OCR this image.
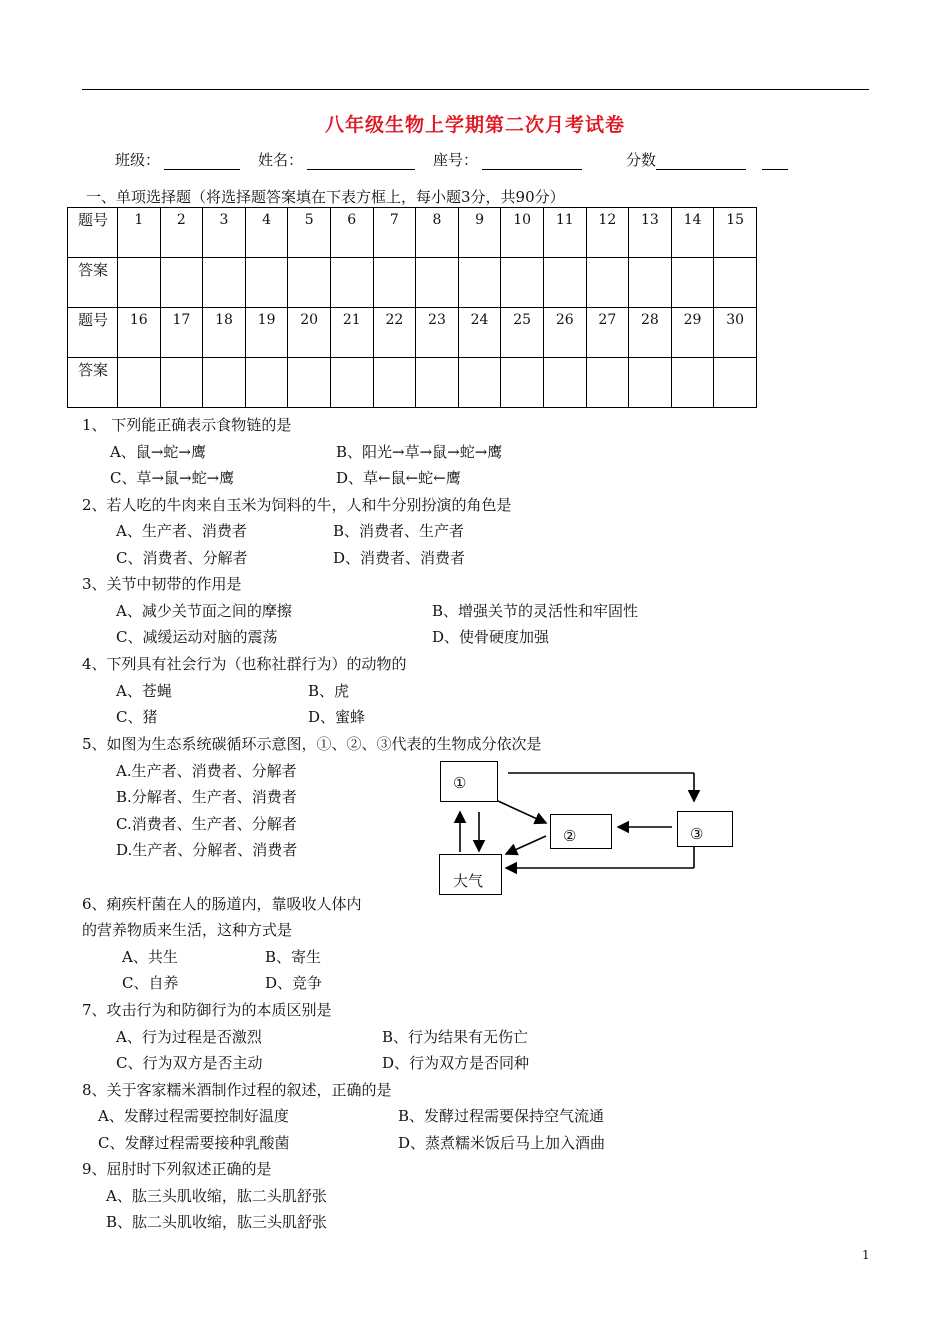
八年级生物上学期第二次月考试卷
班级：	姓名：	座号：	分数
一、单项选择题（将选择题答案填在下表方框上，每小题3分，共90分）
题号	1	2	3	4	5	6	7	8	9	10	11	12	13	14	15
答案															
题号	16	17	18	19	20	21	22	23	24	25	26	27	28	29	30
答案															
1、 下列能正确表示食物链的是
A、鼠→蛇→鹰	B、阳光→草→鼠→蛇→鹰
C、草→鼠→蛇→鹰	D、草←鼠←蛇←鹰
2、若人吃的牛肉来自玉米为饲料的牛，人和牛分别扮演的角色是
A、生产者、消费者	B、消费者、生产者
C、消费者、分解者	D、消费者、消费者
3、关节中韧带的作用是
A、减少关节面之间的摩擦	B、增强关节的灵活性和牢固性
C、减缓运动对脑的震荡	D、使骨硬度加强
4、下列具有社会行为（也称社群行为）的动物的
A、苍蝇	B、虎
C、猪	D、蜜蜂
5、如图为生态系统碳循环示意图，①、②、③代表的生物成分依次是
A.生产者、消费者、分解者
B.分解者、生产者、消费者
C.消费者、生产者、分解者
D.生产者、分解者、消费者
①
②	③
大气
6、痢疾杆菌在人的肠道内，靠吸收人体内
的营养物质来生活，这种方式是
A、共生	B、寄生
C、自养	D、竞争
7、攻击行为和防御行为的本质区别是
A、行为过程是否激烈	B、行为结果有无伤亡
C、行为双方是否主动	D、行为双方是否同种
8、关于客家糯米酒制作过程的叙述，正确的是
A、发酵过程需要控制好温度	B、发酵过程需要保持空气流通
C、发酵过程需要接种乳酸菌	D、蒸煮糯米饭后马上加入酒曲
9、屈肘时下列叙述正确的是
A、肱三头肌收缩，肱二头肌舒张
B、肱二头肌收缩，肱三头肌舒张
1
